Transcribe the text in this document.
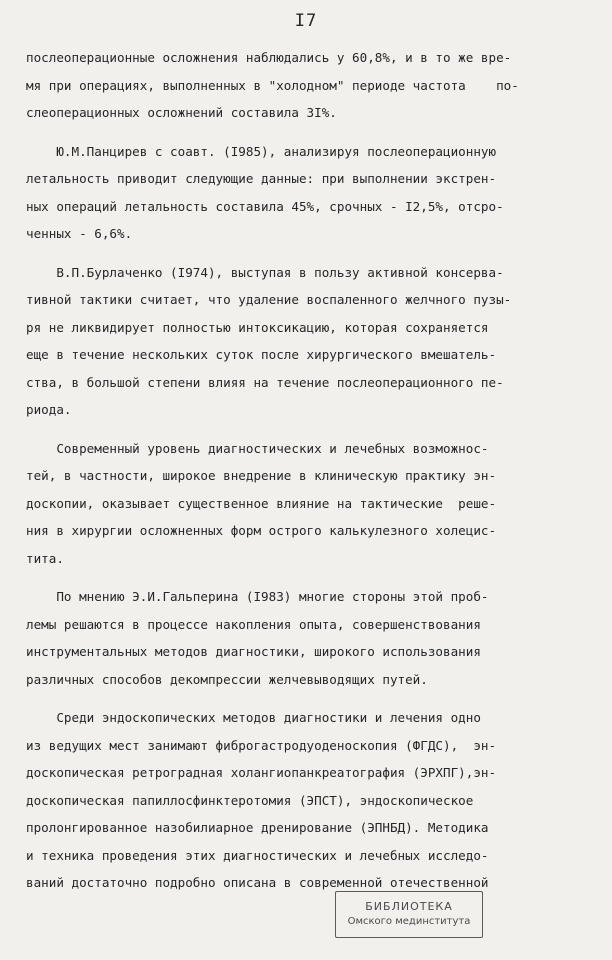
I7
послеоперационные осложнения наблюдались у 60,8%, и в то же вре-
мя при операциях, выполненных в "холодном" периоде частота    по-
слеоперационных осложнений составила 3I%.
Ю.М.Панцирев с соавт. (I985), анализируя послеоперационную
летальность приводит следующие данные: при выполнении экстрен-
ных операций летальность составила 45%, срочных - I2,5%, отсро-
ченных - 6,6%.
В.П.Бурлаченко (I974), выступая в пользу активной консерва-
тивной тактики считает, что удаление воспаленного желчного пузы-
ря не ликвидирует полностью интоксикацию, которая сохраняется
еще в течение нескольких суток после хирургического вмешатель-
ства, в большой степени влияя на течение послеоперационного пе-
риода.
Современный уровень диагностических и лечебных возможнос-
тей, в частности, широкое внедрение в клиническую практику эн-
доскопии, оказывает существенное влияние на тактические  реше-
ния в хирургии осложненных форм острого калькулезного холецис-
тита.
По мнению Э.И.Гальперина (I983) многие стороны этой проб-
лемы решаются в процессе накопления опыта, совершенствования
инструментальных методов диагностики, широкого использования
различных способов декомпрессии желчевыводящих путей.
Среди эндоскопических методов диагностики и лечения одно
из ведущих мест занимают фиброгастродуоденоскопия (ФГДС),  эн-
доскопическая ретроградная холангиопанкреатография (ЭРХПГ),эн-
доскопическая папиллосфинктеротомия (ЭПСТ), эндоскопическое
пролонгированное назобилиарное дренирование (ЭПНБД). Методика
и техника проведения этих диагностических и лечебных исследо-
ваний достаточно подробно описана в современной отечественной
БИБЛИОТЕКА
Омского мединститута
